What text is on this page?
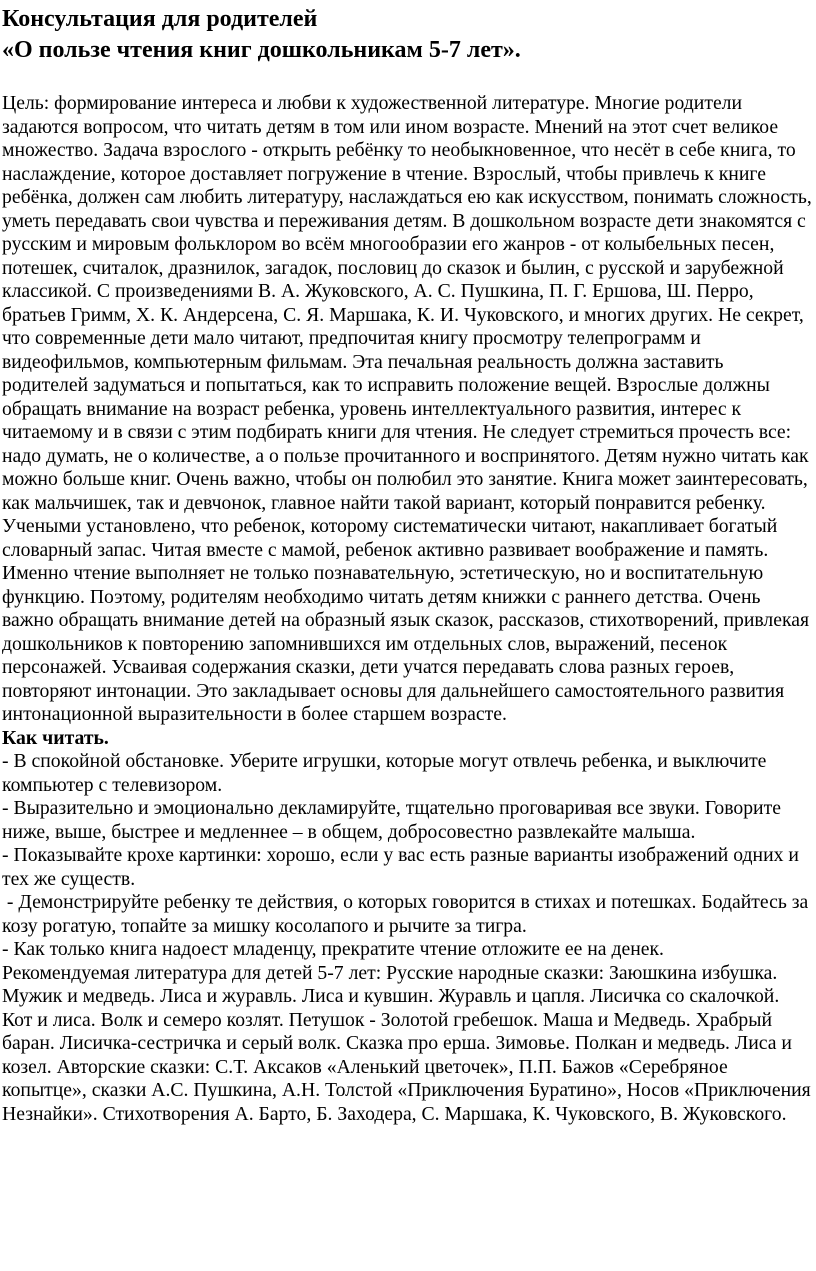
Консультация для родителей

«О пользе чтения книг дошкольникам 5-7 лет».

Цель: формирование интереса и любви к художественной литературе. Многие родители задаются вопросом, что читать детям в том или ином возрасте. Мнений на этот счет великое множество. Задача взрослого - открыть ребёнку то необыкновенное, что несёт в себе книга, то наслаждение, которое доставляет погружение в чтение. Взрослый, чтобы привлечь к книге ребёнка, должен сам любить литературу, наслаждаться ею как искусством, понимать сложность, уметь передавать свои чувства и переживания детям. В дошкольном возрасте дети знакомятся с русским и мировым фольклором во всём многообразии его жанров - от колыбельных песен, потешек, считалок, дразнилок, загадок, пословиц до сказок и былин, с русской и зарубежной классикой. С произведениями В. А. Жуковского, А. С. Пушкина, П. Г. Ершова, Ш. Перро, братьев Гримм, Х. К. Андерсена, С. Я. Маршака, К. И. Чуковского, и многих других. Не секрет, что современные дети мало читают, предпочитая книгу просмотру телепрограмм и видеофильмов, компьютерным фильмам. Эта печальная реальность должна заставить родителей задуматься и попытаться, как то исправить положение вещей. Взрослые должны обращать внимание на возраст ребенка, уровень интеллектуального развития, интерес к читаемому и в связи с этим подбирать книги для чтения. Не следует стремиться прочесть все: надо думать, не о количестве, а о пользе прочитанного и воспринятого. Детям нужно читать как можно больше книг. Очень важно, чтобы он полюбил это занятие. Книга может заинтересовать, как мальчишек, так и девчонок, главное найти такой вариант, который понравится ребенку. Учеными установлено, что ребенок, которому систематически читают, накапливает богатый словарный запас. Читая вместе с мамой, ребенок активно развивает воображение и память. Именно чтение выполняет не только познавательную, эстетическую, но и воспитательную функцию. Поэтому, родителям необходимо читать детям книжки с раннего детства. Очень важно обращать внимание детей на образный язык сказок, рассказов, стихотворений, привлекая дошкольников к повторению запомнившихся им отдельных слов, выражений, песенок персонажей. Усваивая содержания сказки, дети учатся передавать слова разных героев, повторяют интонации. Это закладывает основы для дальнейшего самостоятельного развития интонационной выразительности в более старшем возрасте.

Как читать.

- В спокойной обстановке. Уберите игрушки, которые могут отвлечь ребенка, и выключите компьютер с телевизором.

- Выразительно и эмоционально декламируйте, тщательно проговаривая все звуки. Говорите ниже, выше, быстрее и медленнее – в общем, добросовестно развлекайте малыша.

- Показывайте крохе картинки: хорошо, если у вас есть разные варианты изображений одних и тех же существ.

- Демонстрируйте ребенку те действия, о которых говорится в стихах и потешках. Бодайтесь за козу рогатую, топайте за мишку косолапого и рычите за тигра.

- Как только книга надоест младенцу, прекратите чтение отложите ее на денек.

Рекомендуемая литература для детей 5-7 лет: Русские народные сказки: Заюшкина избушка. Мужик и медведь. Лиса и журавль. Лиса и кувшин. Журавль и цапля. Лисичка со скалочкой. Кот и лиса. Волк и семеро козлят. Петушок - Золотой гребешок. Маша и Медведь. Храбрый баран. Лисичка-сестричка и серый волк. Сказка про ерша. Зимовье. Полкан и медведь. Лиса и козел. Авторские сказки: С.Т. Аксаков «Аленький цветочек», П.П. Бажов «Серебряное копытце», сказки А.С. Пушкина, А.Н. Толстой «Приключения Буратино», Носов «Приключения Незнайки». Стихотворения А. Барто, Б. Заходера, С. Маршака, К. Чуковского, В. Жуковского.
